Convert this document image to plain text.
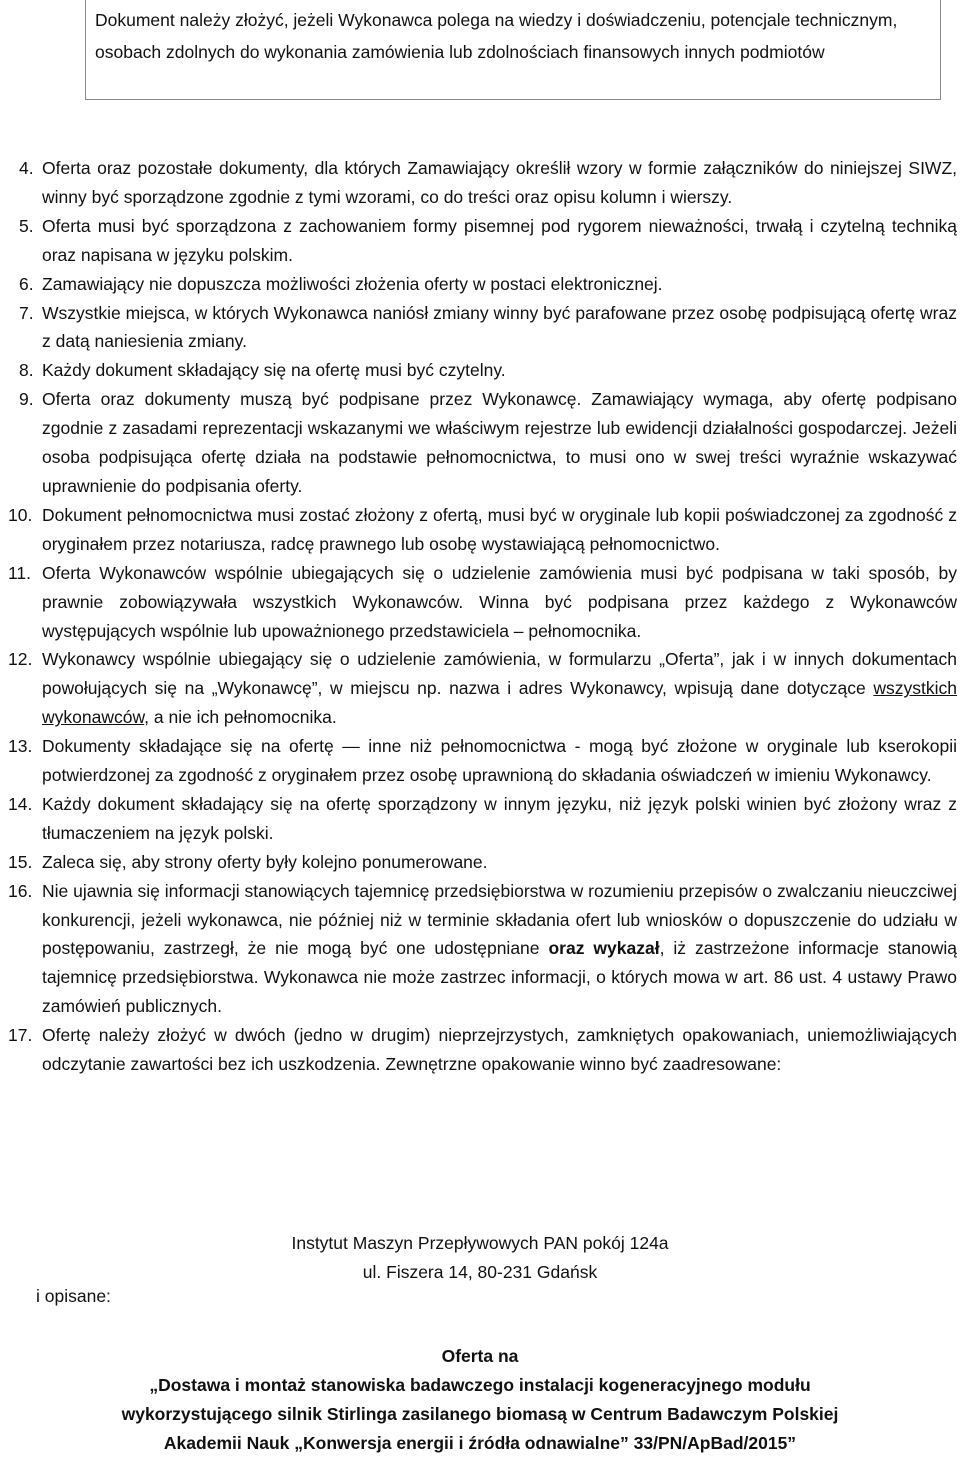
Dokument należy złożyć, jeżeli Wykonawca polega na wiedzy i doświadczeniu, potencjale technicznym, osobach zdolnych do wykonania zamówienia lub zdolnościach finansowych innych podmiotów
4. Oferta oraz pozostałe dokumenty, dla których Zamawiający określił wzory w formie załączników do niniejszej SIWZ, winny być sporządzone zgodnie z tymi wzorami, co do treści oraz opisu kolumn i wierszy.
5. Oferta musi być sporządzona z zachowaniem formy pisemnej pod rygorem nieważności, trwałą i czytelną techniką oraz napisana w języku polskim.
6. Zamawiający nie dopuszcza możliwości złożenia oferty w postaci elektronicznej.
7. Wszystkie miejsca, w których Wykonawca naniósł zmiany winny być parafowane przez osobę podpisującą ofertę wraz z datą naniesienia zmiany.
8. Każdy dokument składający się na ofertę musi być czytelny.
9. Oferta oraz dokumenty muszą być podpisane przez Wykonawcę. Zamawiający wymaga, aby ofertę podpisano zgodnie z zasadami reprezentacji wskazanymi we właściwym rejestrze lub ewidencji działalności gospodarczej. Jeżeli osoba podpisująca ofertę działa na podstawie pełnomocnictwa, to musi ono w swej treści wyraźnie wskazywać uprawnienie do podpisania oferty.
10. Dokument pełnomocnictwa musi zostać złożony z ofertą, musi być w oryginale lub kopii poświadczonej za zgodność z oryginałem przez notariusza, radcę prawnego lub osobę wystawiającą pełnomocnictwo.
11. Oferta Wykonawców wspólnie ubiegających się o udzielenie zamówienia musi być podpisana w taki sposób, by prawnie zobowiązywała wszystkich Wykonawców. Winna być podpisana przez każdego z Wykonawców występujących wspólnie lub upoważnionego przedstawiciela – pełnomocnika.
12. Wykonawcy wspólnie ubiegający się o udzielenie zamówienia, w formularzu „Oferta”, jak i w innych dokumentach powołujących się na „Wykonawcę”, w miejscu np. nazwa i adres Wykonawcy, wpisują dane dotyczące wszystkich wykonawców, a nie ich pełnomocnika.
13. Dokumenty składające się na ofertę — inne niż pełnomocnictwa - mogą być złożone w oryginale lub kserokopii potwierdzonej za zgodność z oryginałem przez osobę uprawnioną do składania oświadczeń w imieniu Wykonawcy.
14. Każdy dokument składający się na ofertę sporządzony w innym języku, niż język polski winien być złożony wraz z tłumaczeniem na język polski.
15. Zaleca się, aby strony oferty były kolejno ponumerowane.
16. Nie ujawnia się informacji stanowiących tajemnicę przedsiębiorstwa w rozumieniu przepisów o zwalczaniu nieuczciwej konkurencji, jeżeli wykonawca, nie później niż w terminie składania ofert lub wniosków o dopuszczenie do udziału w postępowaniu, zastrzegł, że nie mogą być one udostępniane oraz wykazał, iż zastrzeżone informacje stanowią tajemnicę przedsiębiorstwa. Wykonawca nie może zastrzec informacji, o których mowa w art. 86 ust. 4 ustawy Prawo zamówień publicznych.
17. Ofertę należy złożyć w dwóch (jedno w drugim) nieprzejrzystych, zamkniętych opakowaniach, uniemożliwiających odczytanie zawartości bez ich uszkodzenia. Zewnętrzne opakowanie winno być zaadresowane:
Instytut Maszyn Przepływowych PAN pokój 124a
ul. Fiszera 14, 80-231 Gdańsk
i opisane:
Oferta na
„Dostawa i montaż stanowiska badawczego instalacji kogeneracyjnego modułu
wykorzystującego silnik Stirlinga zasilanego biomasą w Centrum Badawczym Polskiej
Akademii Nauk „Konwersja energii i źródła odnawialne” 33/PN/ApBad/2015”
